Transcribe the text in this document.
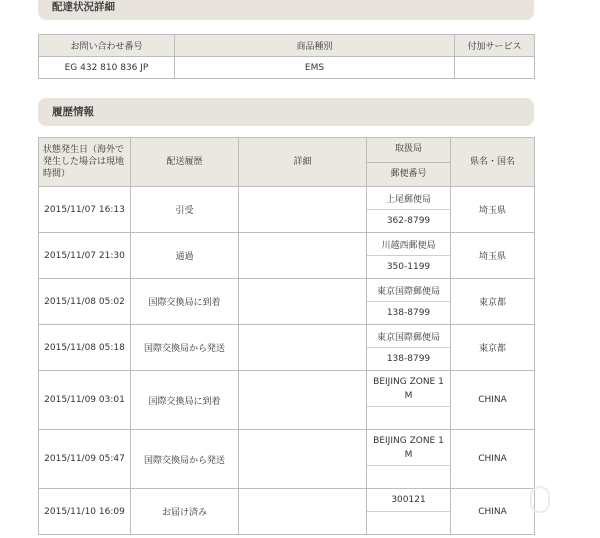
配達状況詳細
お問い合わせ番号	商品種別	付加サービス
EG 432 810 836 JP	EMS	
履歴情報
状態発生日（海外で発生した場合は現地時間）	配送履歴	詳細	取扱局	県名・国名
			郵便番号	
2015/11/07 16:13	引受		上尾郵便局	埼玉県
			362-8799	
2015/11/07 21:30	通過		川越西郵便局	埼玉県
			350-1199	
2015/11/08 05:02	国際交換局に到着		東京国際郵便局	東京都
			138-8799	
2015/11/08 05:18	国際交換局から発送		東京国際郵便局	東京都
			138-8799	
2015/11/09 03:01	国際交換局に到着		BEIJING ZONE 1 M	CHINA

2015/11/09 05:47	国際交換局から発送		BEIJING ZONE 1 M	CHINA

2015/11/10 16:09	お届け済み		300121	CHINA
